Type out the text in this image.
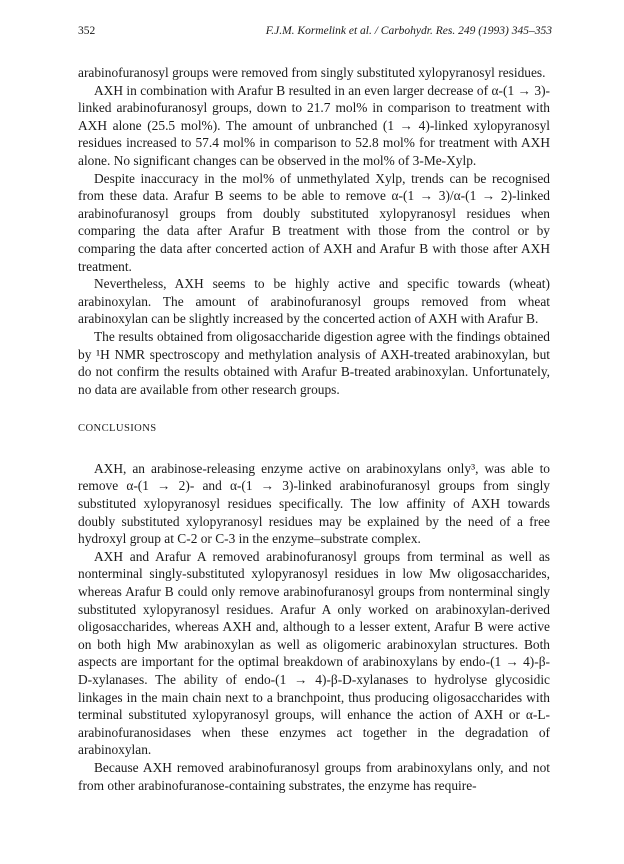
352	F.J.M. Kormelink et al. / Carbohydr. Res. 249 (1993) 345–353

arabinofuranosyl groups were removed from singly substituted xylopyranosyl residues.

AXH in combination with Arafur B resulted in an even larger decrease of α-(1 → 3)-linked arabinofuranosyl groups, down to 21.7 mol% in comparison to treatment with AXH alone (25.5 mol%). The amount of unbranched (1 → 4)-linked xylopyranosyl residues increased to 57.4 mol% in comparison to 52.8 mol% for treatment with AXH alone. No significant changes can be observed in the mol% of 3-Me-Xylp.

Despite inaccuracy in the mol% of unmethylated Xylp, trends can be recognised from these data. Arafur B seems to be able to remove α-(1 → 3)/α-(1 → 2)-linked arabinofuranosyl groups from doubly substituted xylopyranosyl residues when comparing the data after Arafur B treatment with those from the control or by comparing the data after concerted action of AXH and Arafur B with those after AXH treatment.

Nevertheless, AXH seems to be highly active and specific towards (wheat) arabinoxylan. The amount of arabinofuranosyl groups removed from wheat arabinoxylan can be slightly increased by the concerted action of AXH with Arafur B.

The results obtained from oligosaccharide digestion agree with the findings obtained by ¹H NMR spectroscopy and methylation analysis of AXH-treated arabinoxylan, but do not confirm the results obtained with Arafur B-treated arabinoxylan. Unfortunately, no data are available from other research groups.

CONCLUSIONS

AXH, an arabinose-releasing enzyme active on arabinoxylans only³, was able to remove α-(1 → 2)- and α-(1 → 3)-linked arabinofuranosyl groups from singly substituted xylopyranosyl residues specifically. The low affinity of AXH towards doubly substituted xylopyranosyl residues may be explained by the need of a free hydroxyl group at C-2 or C-3 in the enzyme–substrate complex.

AXH and Arafur A removed arabinofuranosyl groups from terminal as well as nonterminal singly-substituted xylopyranosyl residues in low Mw oligosaccharides, whereas Arafur B could only remove arabinofuranosyl groups from nonterminal singly substituted xylopyranosyl residues. Arafur A only worked on arabinoxylan-derived oligosaccharides, whereas AXH and, although to a lesser extent, Arafur B were active on both high Mw arabinoxylan as well as oligomeric arabinoxylan structures. Both aspects are important for the optimal breakdown of arabinoxylans by endo-(1 → 4)-β-D-xylanases. The ability of endo-(1 → 4)-β-D-xylanases to hydrolyse glycosidic linkages in the main chain next to a branchpoint, thus producing oligosaccharides with terminal substituted xylopyranosyl groups, will enhance the action of AXH or α-L-arabinofuranosidases when these enzymes act together in the degradation of arabinoxylan.

Because AXH removed arabinofuranosyl groups from arabinoxylans only, and not from other arabinofuranose-containing substrates, the enzyme has require-
